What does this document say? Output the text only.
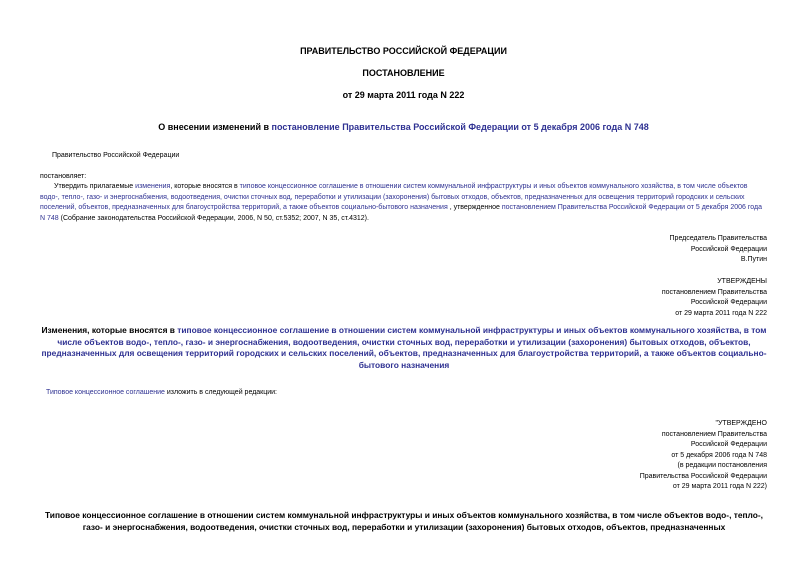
ПРАВИТЕЛЬСТВО РОССИЙСКОЙ ФЕДЕРАЦИИ
ПОСТАНОВЛЕНИЕ
от 29 марта 2011 года N 222
О внесении изменений в постановление Правительства Российской Федерации от 5 декабря 2006 года N 748
Правительство Российской Федерации
постановляет:
Утвердить прилагаемые изменения, которые вносятся в типовое концессионное соглашение в отношении систем коммунальной инфраструктуры и иных объектов коммунального хозяйства, в том числе объектов водо-, тепло-, газо- и энергоснабжения, водоотведения, очистки сточных вод, переработки и утилизации (захоронения) бытовых отходов, объектов, предназначенных для освещения территорий городских и сельских поселений, объектов, предназначенных для благоустройства территорий, а также объектов социально-бытового назначения , утвержденное постановлением Правительства Российской Федерации от 5 декабря 2006 года N 748 (Собрание законодательства Российской Федерации, 2006, N 50, ст.5352; 2007, N 35, ст.4312).
Председатель Правительства
Российской Федерации
В.Путин
УТВЕРЖДЕНЫ
постановлением Правительства
Российской Федерации
от 29 марта 2011 года N 222
Изменения, которые вносятся в типовое концессионное соглашение в отношении систем коммунальной инфраструктуры и иных объектов коммунального хозяйства, в том числе объектов водо-, тепло-, газо- и энергоснабжения, водоотведения, очистки сточных вод, переработки и утилизации (захоронения) бытовых отходов, объектов, предназначенных для освещения территорий городских и сельских поселений, объектов, предназначенных для благоустройства территорий, а также объектов социально-бытового назначения
Типовое концессионное соглашение изложить в следующей редакции:
"УТВЕРЖДЕНО
постановлением Правительства
Российской Федерации
от 5 декабря 2006 года N 748
(в редакции постановления
Правительства Российской Федерации
от 29 марта 2011 года N 222)
Типовое концессионное соглашение в отношении систем коммунальной инфраструктуры и иных объектов коммунального хозяйства, в том числе объектов водо-, тепло-, газо- и энергоснабжения, водоотведения, очистки сточных вод, переработки и утилизации (захоронения) бытовых отходов, объектов, предназначенных
